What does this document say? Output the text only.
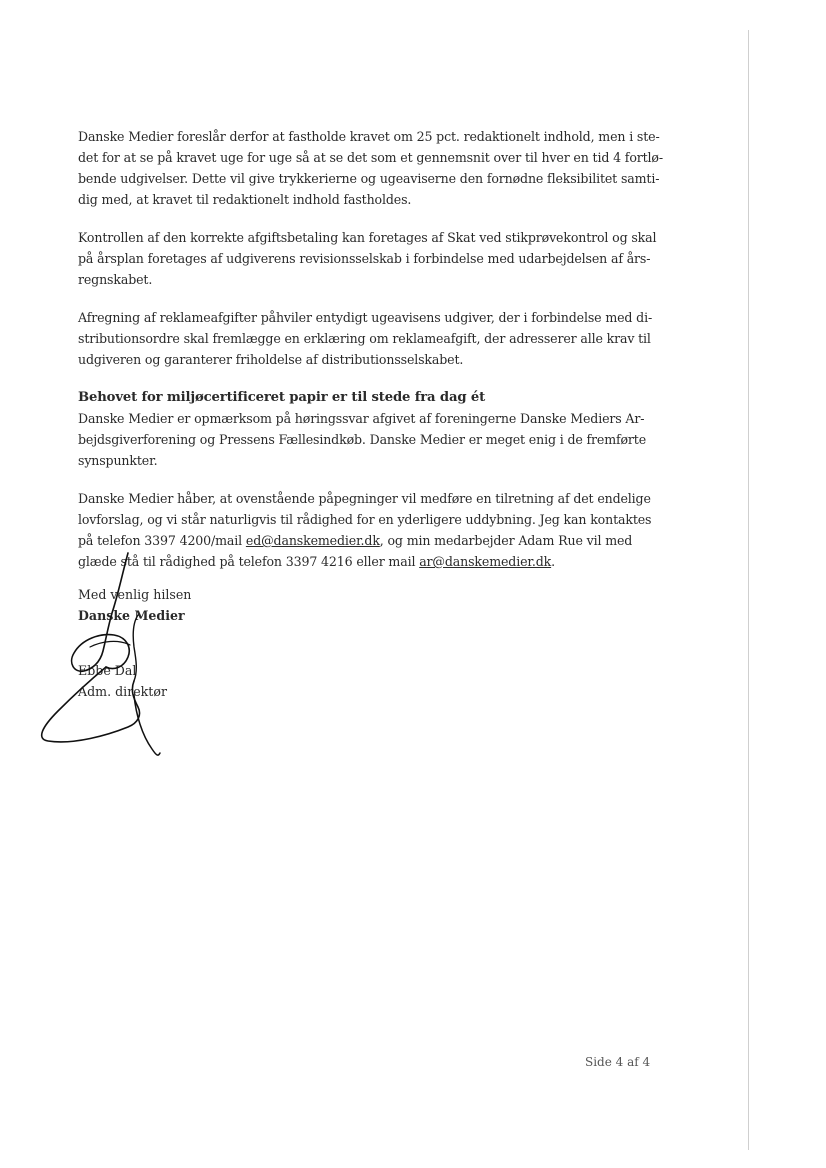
Danske Medier foreslår derfor at fastholde kravet om 25 pct. redaktionelt indhold, men i ste-
det for at se på kravet uge for uge så at se det som et gennemsnit over til hver en tid 4 fortlø-
bende udgivelser. Dette vil give trykkerierne og ugeaviserne den fornødne fleksibilitet samti-
dig med, at kravet til redaktionelt indhold fastholdes.
Kontrollen af den korrekte afgiftsbetaling kan foretages af Skat ved stikprøvekontrol og skal
på årsplan foretages af udgiverens revisionsselskab i forbindelse med udarbejdelsen af års-
regnskabet.
Afregning af reklameafgifter påhviler entydigt ugeavisens udgiver, der i forbindelse med di-
stributionsordre skal fremlægge en erklæring om reklameafgift, der adresserer alle krav til
udgiveren og garanterer friholdelse af distributionsselskabet.
Behovet for miljøcertificeret papir er til stede fra dag ét
Danske Medier er opmærksom på høringssvar afgivet af foreningerne Danske Mediers Ar-
bejdsgiverforening og Pressens Fællesindkøb. Danske Medier er meget enig i de fremførte
synspunkter.
Danske Medier håber, at ovenstående påpegninger vil medføre en tilretning af det endelige
lovforslag, og vi står naturligvis til rådighed for en yderligere uddybning. Jeg kan kontaktes
på telefon 3397 4200/mail ed@danskemedier.dk, og min medarbejder Adam Rue vil med
glæde stå til rådighed på telefon 3397 4216 eller mail ar@danskemedier.dk.
Med venlig hilsen
Danske Medier
Ebbe Dal
Adm. direktør
Side 4 af 4
